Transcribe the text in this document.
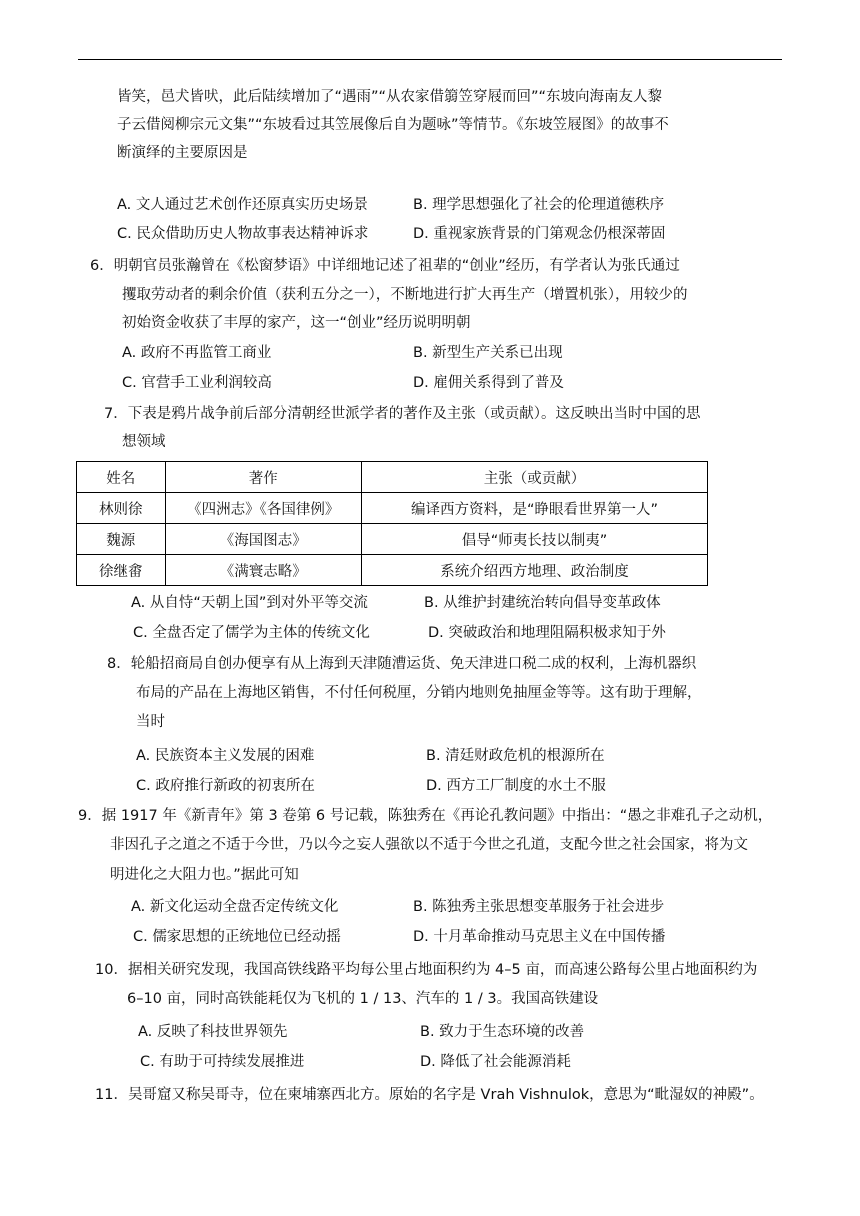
皆笑，邑犬皆吠，此后陆续增加了“遇雨”“从农家借篛笠穿屐而回”“东坡向海南友人黎
子云借阅柳宗元文集”“东坡看过其笠展像后自为题咏”等情节。《东坡笠屐图》的故事不
断演绎的主要原因是
A. 文人通过艺术创作还原真实历史场景	B. 理学思想强化了社会的伦理道德秩序
C. 民众借助历史人物故事表达精神诉求	D. 重视家族背景的门第观念仍根深蒂固
6．明朝官员张瀚曾在《松窗梦语》中详细地记述了祖辈的“创业”经历，有学者认为张氏通过
攫取劳动者的剩余价值（获利五分之一），不断地进行扩大再生产（增置机张），用较少的
初始资金收获了丰厚的家产，这一“创业”经历说明明朝
A. 政府不再监管工商业	B. 新型生产关系已出现
C. 官营手工业利润较高	D. 雇佣关系得到了普及
7．下表是鸦片战争前后部分清朝经世派学者的著作及主张（或贡献）。这反映出当时中国的思
想领域
姓名	著作	主张（或贡献）
林则徐	《四洲志》《各国律例》	编译西方资料，是“睁眼看世界第一人”
魏源	《海国图志》	倡导“师夷长技以制夷”
徐继畬	《满寰志略》	系统介绍西方地理、政治制度
A. 从自恃“天朝上国”到对外平等交流	B. 从维护封建统治转向倡导变革政体
C. 全盘否定了儒学为主体的传统文化	D. 突破政治和地理阻隔积极求知于外
8．轮船招商局自创办便享有从上海到天津随漕运货、免天津进口税二成的权利，上海机器织
布局的产品在上海地区销售，不付任何税厘，分销内地则免抽厘金等等。这有助于理解，
当时
A. 民族资本主义发展的困难	B. 清廷财政危机的根源所在
C. 政府推行新政的初衷所在	D. 西方工厂制度的水土不服
9．据 1917 年《新青年》第 3 卷第 6 号记载，陈独秀在《再论孔教问题》中指出：“愚之非难孔子之动机，
非因孔子之道之不适于今世，乃以今之妄人强欲以不适于今世之孔道，支配今世之社会国家，将为文
明进化之大阻力也。”据此可知
A. 新文化运动全盘否定传统文化	B. 陈独秀主张思想变革服务于社会进步
C. 儒家思想的正统地位已经动摇	D. 十月革命推动马克思主义在中国传播
10．据相关研究发现，我国高铁线路平均每公里占地面积约为 4–5 亩，而高速公路每公里占地面积约为
6–10 亩，同时高铁能耗仅为飞机的 1 / 13、汽车的 1 / 3。我国高铁建设
A. 反映了科技世界领先	B. 致力于生态环境的改善
C. 有助于可持续发展推进	D. 降低了社会能源消耗
11．吴哥窟又称吴哥寺，位在柬埔寨西北方。原始的名字是 Vrah Vishnulok，意思为“毗湿奴的神殿”。
